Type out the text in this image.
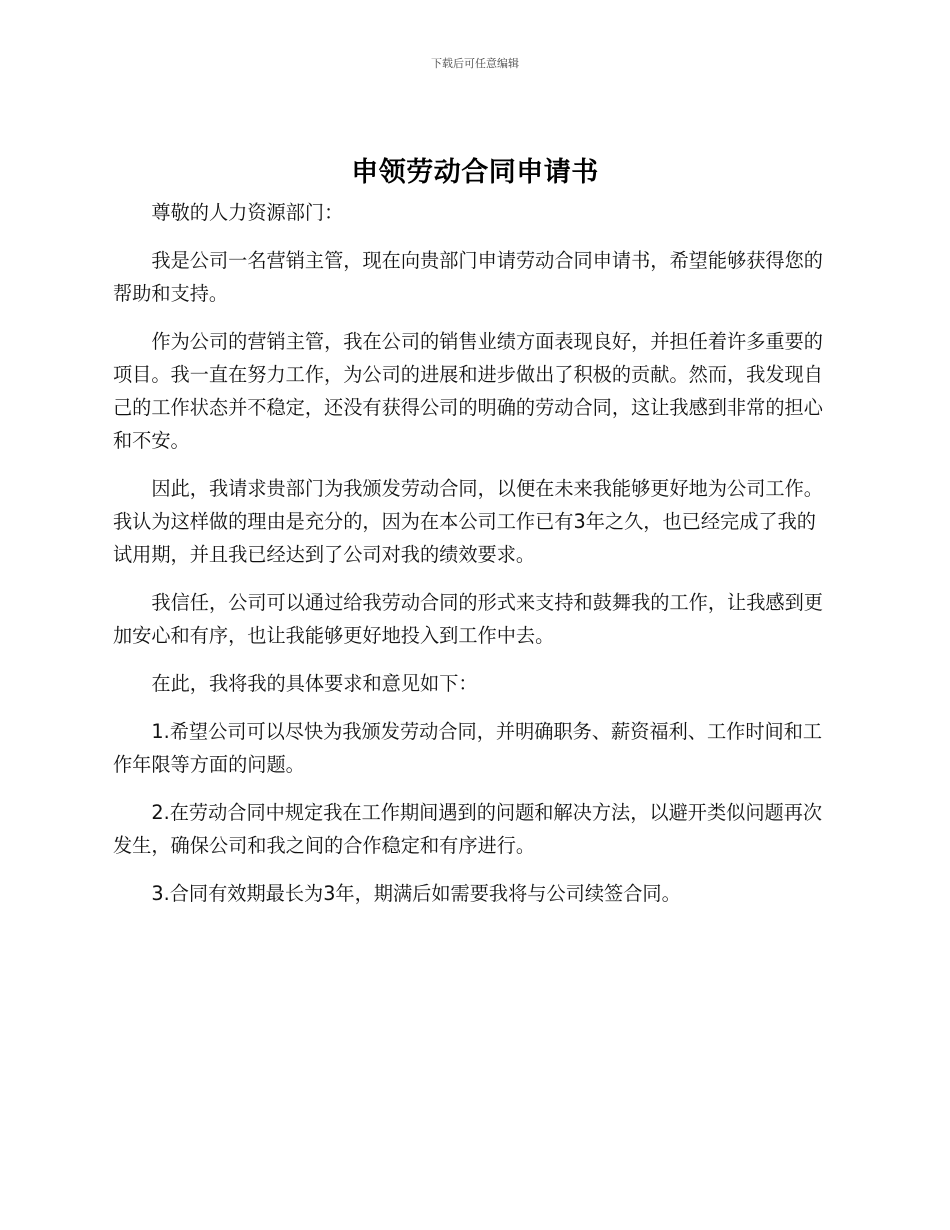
下载后可任意编辑
申领劳动合同申请书

尊敬的人力资源部门：

我是公司一名营销主管，现在向贵部门申请劳动合同申请书，希望能够获得您的帮助和支持。

作为公司的营销主管，我在公司的销售业绩方面表现良好，并担任着许多重要的项目。我一直在努力工作，为公司的进展和进步做出了积极的贡献。然而，我发现自己的工作状态并不稳定，还没有获得公司的明确的劳动合同，这让我感到非常的担心和不安。

因此，我请求贵部门为我颁发劳动合同，以便在未来我能够更好地为公司工作。我认为这样做的理由是充分的，因为在本公司工作已有3年之久，也已经完成了我的试用期，并且我已经达到了公司对我的绩效要求。

我信任，公司可以通过给我劳动合同的形式来支持和鼓舞我的工作，让我感到更加安心和有序，也让我能够更好地投入到工作中去。

在此，我将我的具体要求和意见如下：

1.希望公司可以尽快为我颁发劳动合同，并明确职务、薪资福利、工作时间和工作年限等方面的问题。

2.在劳动合同中规定我在工作期间遇到的问题和解决方法，以避开类似问题再次发生，确保公司和我之间的合作稳定和有序进行。

3.合同有效期最长为3年，期满后如需要我将与公司续签合同。
